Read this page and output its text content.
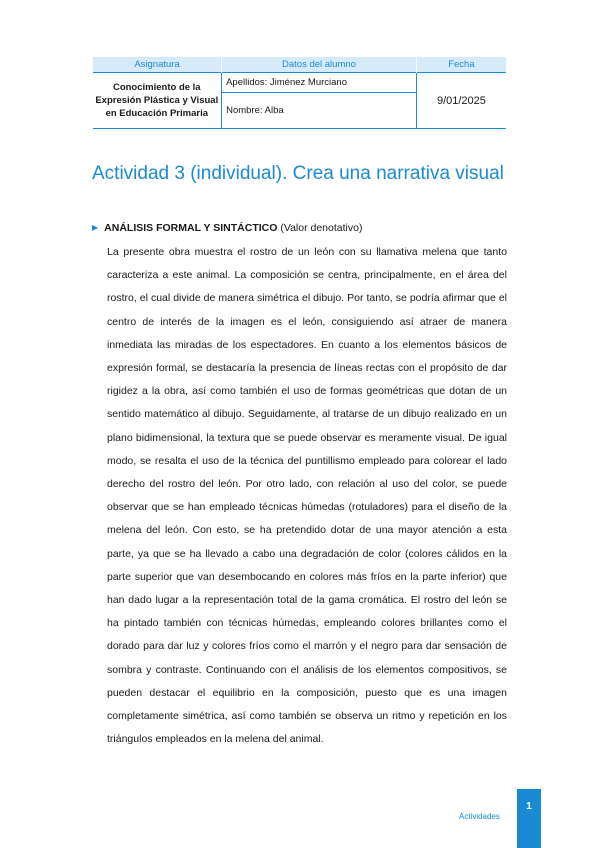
Asignatura	Datos del alumno	Fecha
Conocimiento de la Expresión Plástica y Visual en Educación Primaria	Apellidos: Jiménez Murciano	9/01/2025
	Nombre: Alba	
Actividad 3 (individual). Crea una narrativa visual
▶ ANÁLISIS FORMAL Y SINTÁCTICO (Valor denotativo)

La presente obra muestra el rostro de un león con su llamativa melena que tanto caracteriza a este animal. La composición se centra, principalmente, en el área del rostro, el cual divide de manera simétrica el dibujo. Por tanto, se podría afirmar que el centro de interés de la imagen es el león, consiguiendo así atraer de manera inmediata las miradas de los espectadores. En cuanto a los elementos básicos de expresión formal, se destacaría la presencia de líneas rectas con el propósito de dar rigidez a la obra, así como también el uso de formas geométricas que dotan de un sentido matemático al dibujo. Seguidamente, al tratarse de un dibujo realizado en un plano bidimensional, la textura que se puede observar es meramente visual. De igual modo, se resalta el uso de la técnica del puntillismo empleado para colorear el lado derecho del rostro del león. Por otro lado, con relación al uso del color, se puede observar que se han empleado técnicas húmedas (rotuladores) para el diseño de la melena del león. Con esto, se ha pretendido dotar de una mayor atención a esta parte, ya que se ha llevado a cabo una degradación de color (colores cálidos en la parte superior que van desembocando en colores más fríos en la parte inferior) que han dado lugar a la representación total de la gama cromática. El rostro del león se ha pintado también con técnicas húmedas, empleando colores brillantes como el dorado para dar luz y colores fríos como el marrón y el negro para dar sensación de sombra y contraste. Continuando con el análisis de los elementos compositivos, se pueden destacar el equilibrio en la composición, puesto que es una imagen completamente simétrica, así como también se observa un ritmo y repetición en los triángulos empleados en la melena del animal.

Actividades
1
